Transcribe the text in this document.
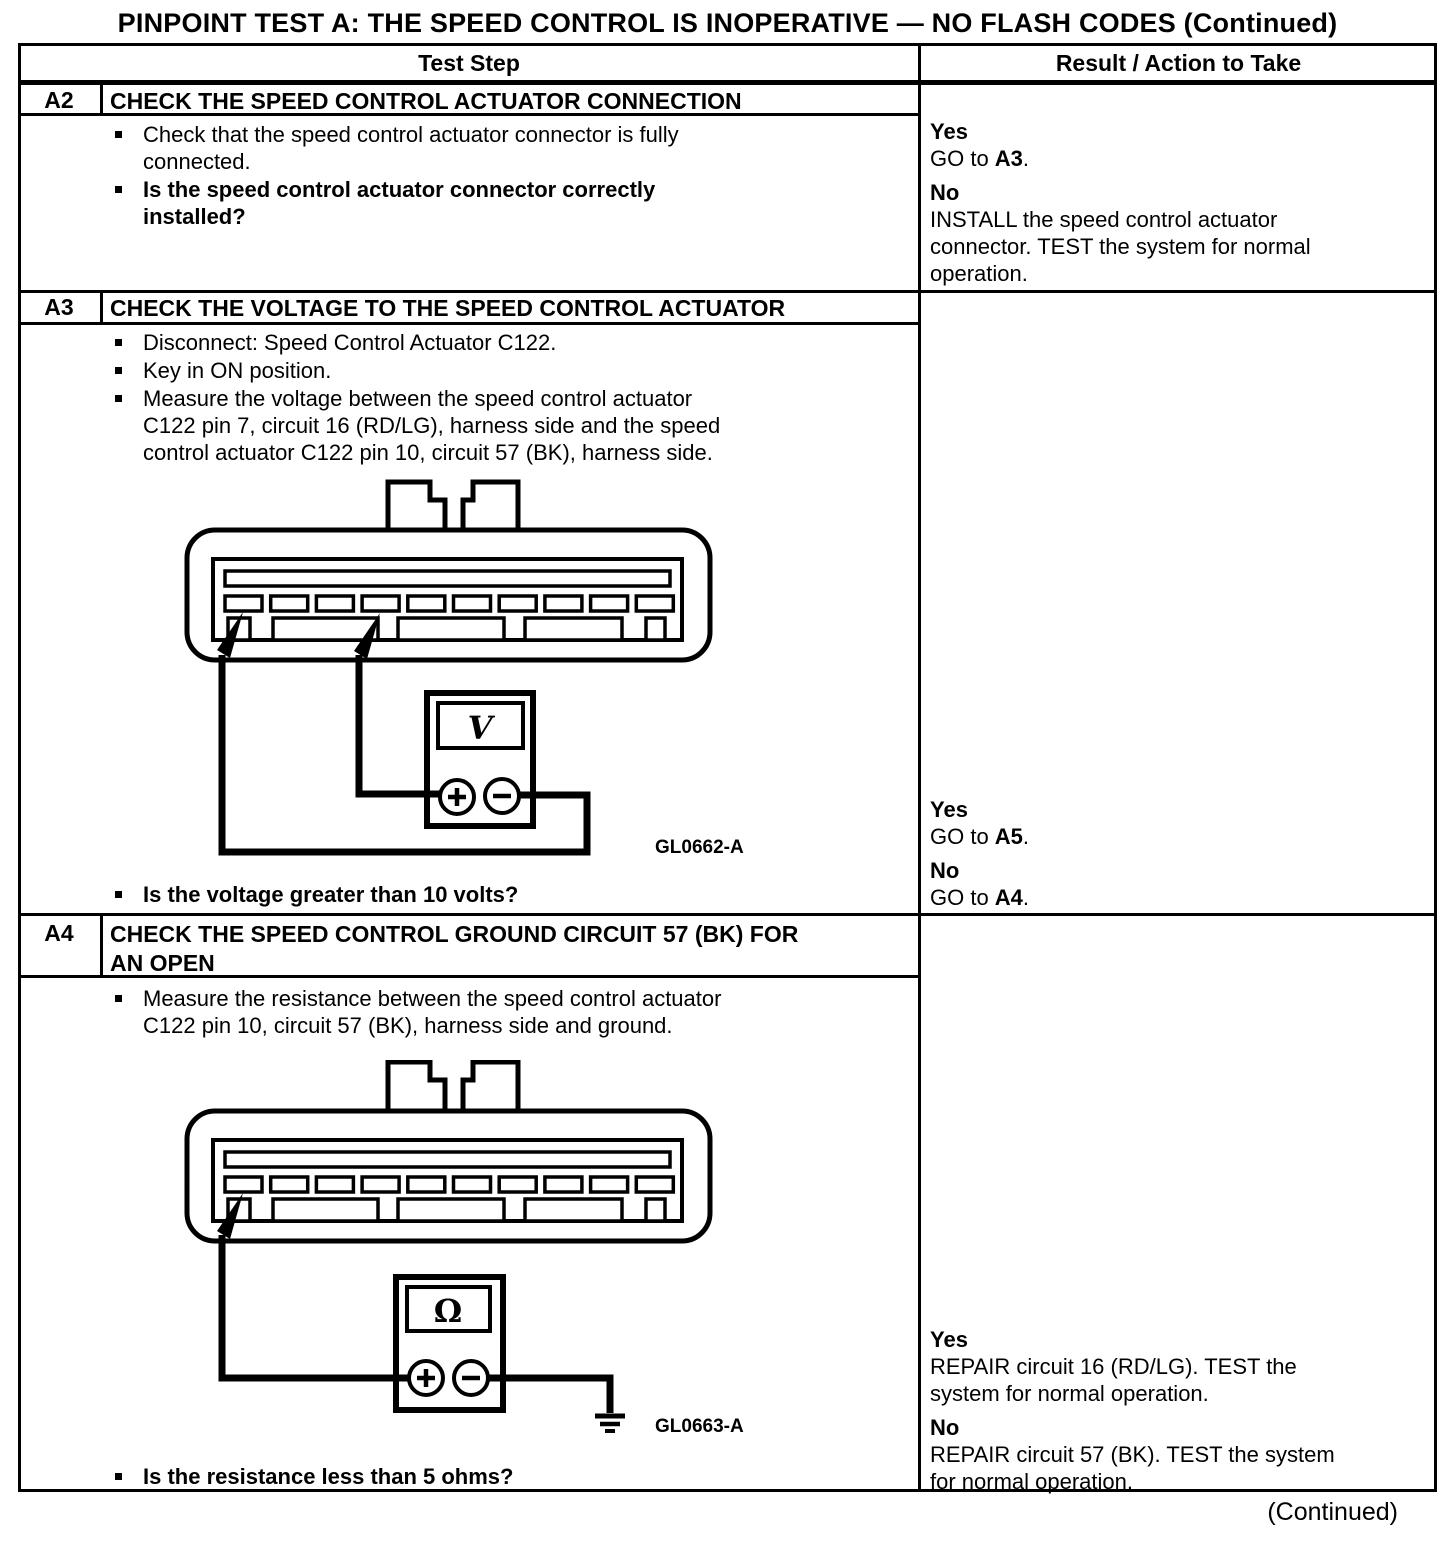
PINPOINT TEST A: THE SPEED CONTROL IS INOPERATIVE — NO FLASH CODES (Continued)
Test Step	Result / Action to Take
A2	CHECK THE SPEED CONTROL ACTUATOR CONNECTION
Check that the speed control actuator connector is fully connected.
Is the speed control actuator connector correctly installed?
Yes
GO to A3.
No
INSTALL the speed control actuator connector. TEST the system for normal operation.
A3	CHECK THE VOLTAGE TO THE SPEED CONTROL ACTUATOR
Disconnect: Speed Control Actuator C122.
Key in ON position.
Measure the voltage between the speed control actuator C122 pin 7, circuit 16 (RD/LG), harness side and the speed control actuator C122 pin 10, circuit 57 (BK), harness side.
V
GL0662-A
Is the voltage greater than 10 volts?
Yes
GO to A5.
No
GO to A4.
A4	CHECK THE SPEED CONTROL GROUND CIRCUIT 57 (BK) FOR AN OPEN
Measure the resistance between the speed control actuator C122 pin 10, circuit 57 (BK), harness side and ground.
Ω
GL0663-A
Is the resistance less than 5 ohms?
Yes
REPAIR circuit 16 (RD/LG). TEST the system for normal operation.
No
REPAIR circuit 57 (BK). TEST the system for normal operation.
(Continued)
